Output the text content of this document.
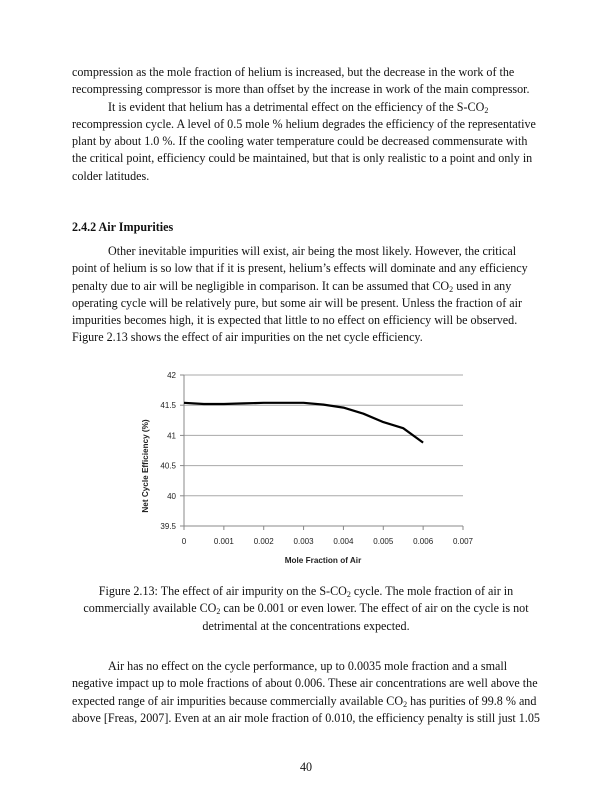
compression as the mole fraction of helium is increased, but the decrease in the work of the
recompressing compressor is more than offset by the increase in work of the main compressor.

It is evident that helium has a detrimental effect on the efficiency of the $S-CO_2$
recompression cycle. A level of 0.5 mole % helium degrades the efficiency of the representative
plant by about 1.0 %. If the cooling water temperature could be decreased commensurate with
the critical point, efficiency could be maintained, but that is only realistic to a point and only in
colder latitudes.

2.4.2 Air Impurities

Other inevitable impurities will exist, air being the most likely. However, the critical
point of helium is so low that if it is present, helium’s effects will dominate and any efficiency
penalty due to air will be negligible in comparison. It can be assumed that $CO_2$ used in any
operating cycle will be relatively pure, but some air will be present. Unless the fraction of air
impurities becomes high, it is expected that little to no effect on efficiency will be observed.
Figure 2.13 shows the effect of air impurities on the net cycle efficiency.

42
41.5
41
40.5
40
39.5
0	0.001 0.002 0.003 0.004 0.005 0.006 0.007
Net Cycle Efficiency (%)
Mole Fraction of Air

Figure 2.13: The effect of air impurity on the $S-CO_2$ cycle. The mole fraction of air in
commercially available $CO_2$ can be 0.001 or even lower. The effect of air on the cycle is not
detrimental at the concentrations expected.

Air has no effect on the cycle performance, up to 0.0035 mole fraction and a small
negative impact up to mole fractions of about 0.006. These air concentrations are well above the
expected range of air impurities because commercially available $CO_2$ has purities of 99.8 % and
above [Freas, 2007]. Even at an air mole fraction of 0.010, the efficiency penalty is still just 1.05

40
